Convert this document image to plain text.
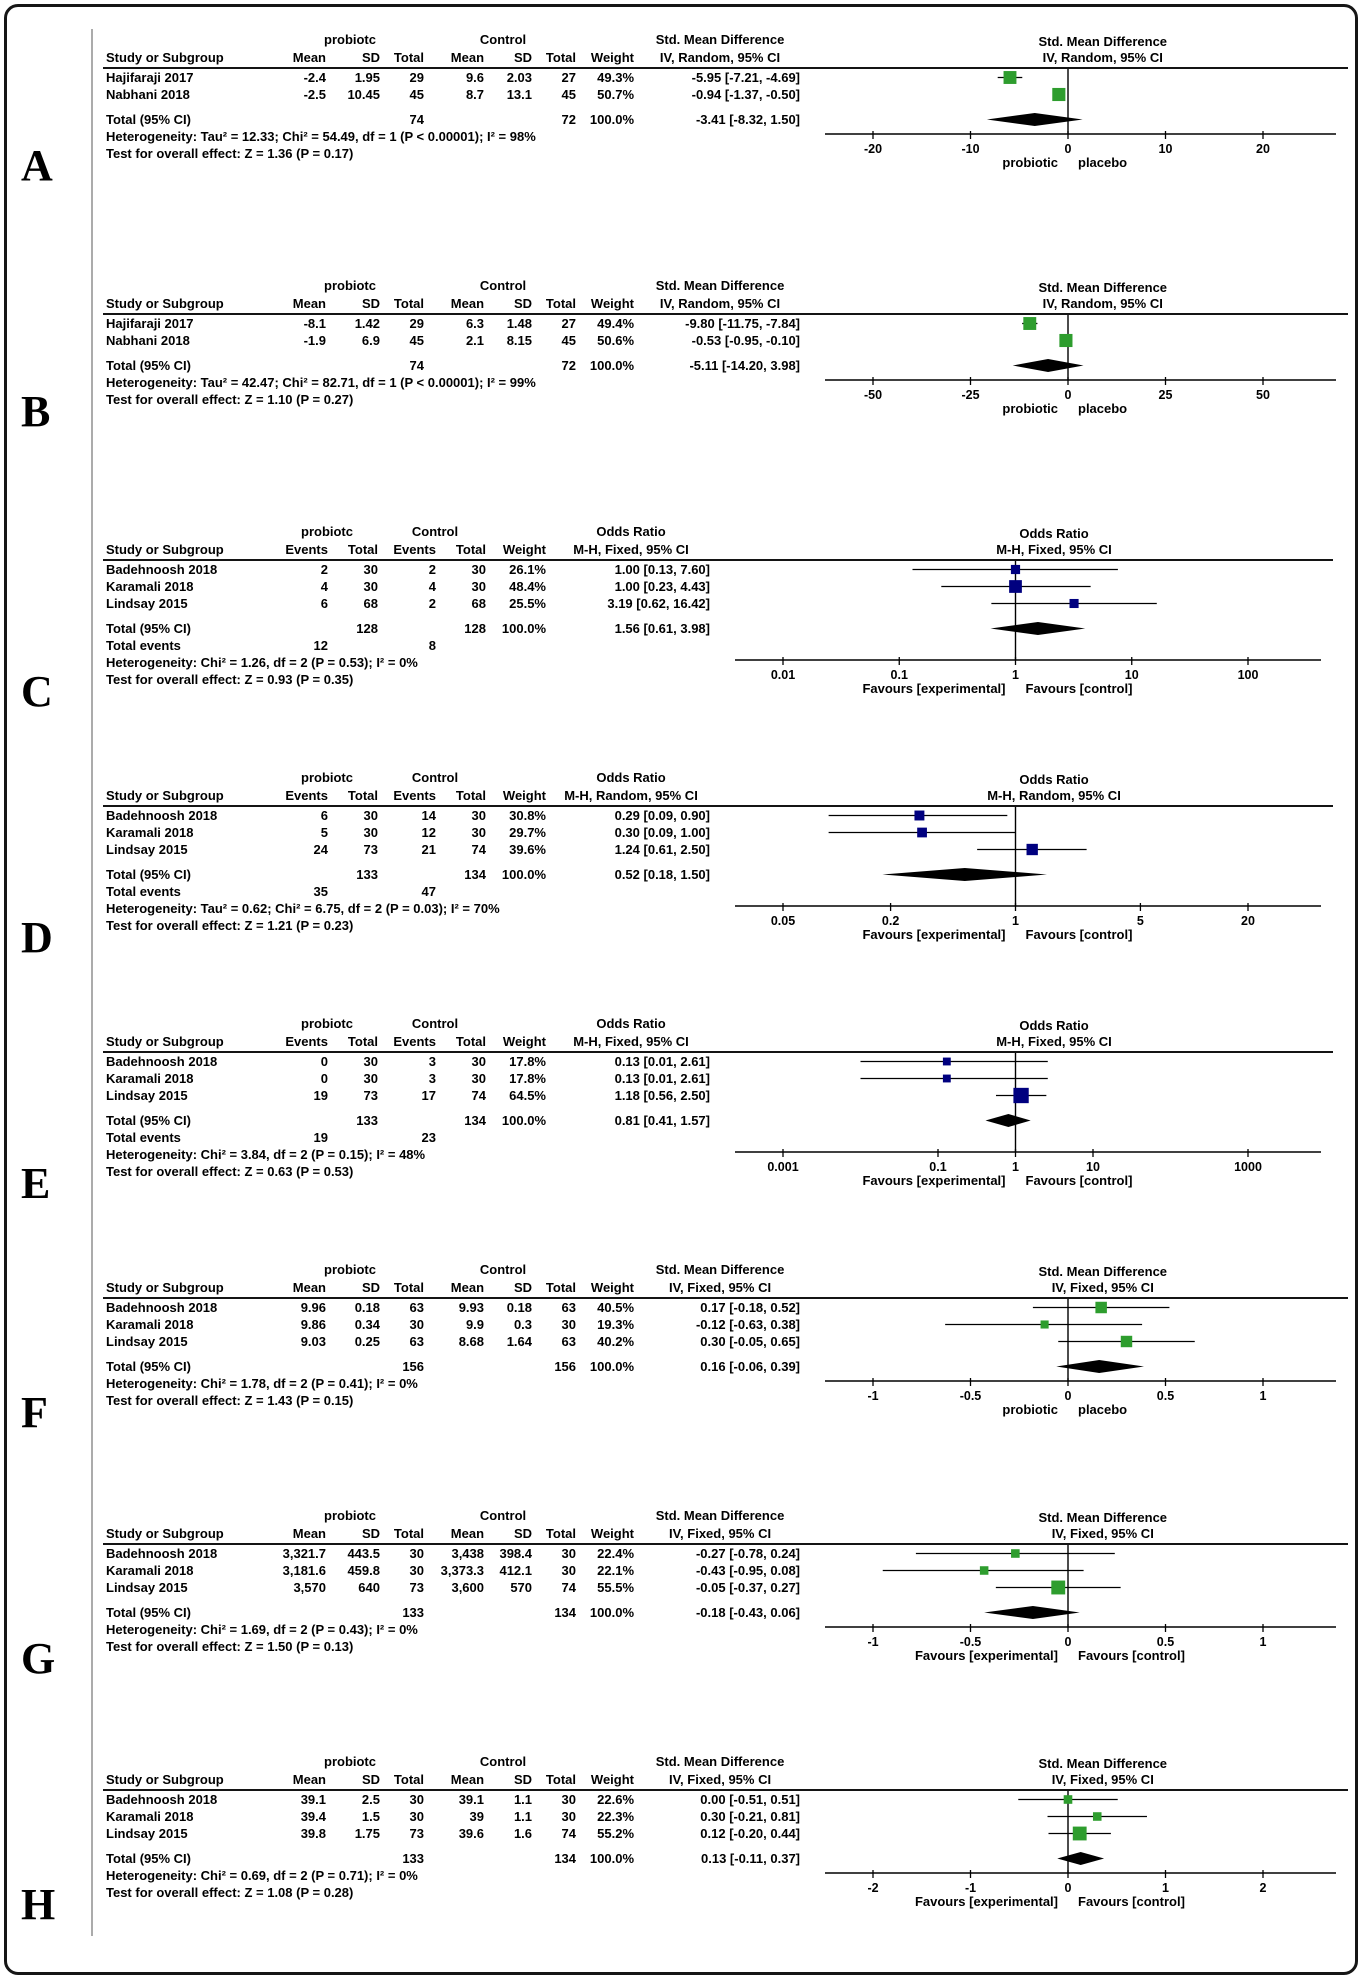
A
	probiotc			Control				Std. Mean Difference
Study or Subgroup	Mean	SD	Total	Mean	SD	Total	Weight	IV, Random, 95% CI
Hajifaraji 2017	-2.4	1.95	29	9.6	2.03	27	49.3%	-5.95 [-7.21, -4.69]
Nabhani 2018	-2.5	10.45	45	8.7	13.1	45	50.7%	-0.94 [-1.37, -0.50]

Total (95% CI)			74			72	100.0%	-3.41 [-8.32, 1.50]
Heterogeneity: Tau² = 12.33; Chi² = 54.49, df = 1 (P < 0.00001); I² = 98%								
Test for overall effect: Z = 1.36 (P = 0.17)								
Std. Mean Difference
IV, Random, 95% CI
-20	-10	0	10	20
probiotic placebo
B
	probiotc			Control				Std. Mean Difference
Study or Subgroup	Mean	SD	Total	Mean	SD	Total	Weight	IV, Random, 95% CI
Hajifaraji 2017	-8.1	1.42	29	6.3	1.48	27	49.4%	-9.80 [-11.75, -7.84]
Nabhani 2018	-1.9	6.9	45	2.1	8.15	45	50.6%	-0.53 [-0.95, -0.10]

Total (95% CI)			74			72	100.0%	-5.11 [-14.20, 3.98]
Heterogeneity: Tau² = 42.47; Chi² = 82.71, df = 1 (P < 0.00001); I² = 99%								
Test for overall effect: Z = 1.10 (P = 0.27)								
Std. Mean Difference
IV, Random, 95% CI
-50	-25	0	25	50
probiotic placebo
C
	probiotc		Control			Odds Ratio
Study or Subgroup	Events	Total	Events	Total	Weight	M-H, Fixed, 95% CI
Badehnoosh 2018	2	30	2	30	26.1%	1.00 [0.13, 7.60]
Karamali 2018	4	30	4	30	48.4%	1.00 [0.23, 4.43]
Lindsay 2015	6	68	2	68	25.5%	3.19 [0.62, 16.42]

Total (95% CI)		128		128	100.0%	1.56 [0.61, 3.98]
Total events	12		8			
Heterogeneity: Chi² = 1.26, df = 2 (P = 0.53); I² = 0%						
Test for overall effect: Z = 0.93 (P = 0.35)						
Odds Ratio
M-H, Fixed, 95% CI
0.01	0.1	1	10	100
Favours [experimental] Favours [control]
D
	probiotc		Control			Odds Ratio
Study or Subgroup	Events	Total	Events	Total	Weight	M-H, Random, 95% CI
Badehnoosh 2018	6	30	14	30	30.8%	0.29 [0.09, 0.90]
Karamali 2018	5	30	12	30	29.7%	0.30 [0.09, 1.00]
Lindsay 2015	24	73	21	74	39.6%	1.24 [0.61, 2.50]

Total (95% CI)		133		134	100.0%	0.52 [0.18, 1.50]
Total events	35		47			
Heterogeneity: Tau² = 0.62; Chi² = 6.75, df = 2 (P = 0.03); I² = 70%						
Test for overall effect: Z = 1.21 (P = 0.23)						
Odds Ratio
M-H, Random, 95% CI
0.05	0.2	1	5	20
Favours [experimental] Favours [control]
E
	probiotc		Control			Odds Ratio
Study or Subgroup	Events	Total	Events	Total	Weight	M-H, Fixed, 95% CI
Badehnoosh 2018	0	30	3	30	17.8%	0.13 [0.01, 2.61]
Karamali 2018	0	30	3	30	17.8%	0.13 [0.01, 2.61]
Lindsay 2015	19	73	17	74	64.5%	1.18 [0.56, 2.50]

Total (95% CI)		133		134	100.0%	0.81 [0.41, 1.57]
Total events	19		23			
Heterogeneity: Chi² = 3.84, df = 2 (P = 0.15); I² = 48%						
Test for overall effect: Z = 0.63 (P = 0.53)						
Odds Ratio
M-H, Fixed, 95% CI
0.001	0.1	1	10	1000
Favours [experimental] Favours [control]
F
	probiotc			Control				Std. Mean Difference
Study or Subgroup	Mean	SD	Total	Mean	SD	Total	Weight	IV, Fixed, 95% CI
Badehnoosh 2018	9.96	0.18	63	9.93	0.18	63	40.5%	0.17 [-0.18, 0.52]
Karamali 2018	9.86	0.34	30	9.9	0.3	30	19.3%	-0.12 [-0.63, 0.38]
Lindsay 2015	9.03	0.25	63	8.68	1.64	63	40.2%	0.30 [-0.05, 0.65]

Total (95% CI)			156			156	100.0%	0.16 [-0.06, 0.39]
Heterogeneity: Chi² = 1.78, df = 2 (P = 0.41); I² = 0%								
Test for overall effect: Z = 1.43 (P = 0.15)								
Std. Mean Difference
IV, Fixed, 95% CI
-1	-0.5	0	0.5	1
probiotic placebo
G
	probiotc			Control				Std. Mean Difference
Study or Subgroup	Mean	SD	Total	Mean	SD	Total	Weight	IV, Fixed, 95% CI
Badehnoosh 2018	3,321.7	443.5	30	3,438	398.4	30	22.4%	-0.27 [-0.78, 0.24]
Karamali 2018	3,181.6	459.8	30	3,373.3	412.1	30	22.1%	-0.43 [-0.95, 0.08]
Lindsay 2015	3,570	640	73	3,600	570	74	55.5%	-0.05 [-0.37, 0.27]

Total (95% CI)			133			134	100.0%	-0.18 [-0.43, 0.06]
Heterogeneity: Chi² = 1.69, df = 2 (P = 0.43); I² = 0%								
Test for overall effect: Z = 1.50 (P = 0.13)								
Std. Mean Difference
IV, Fixed, 95% CI
-1	-0.5	0	0.5	1
Favours [experimental] Favours [control]
H
	probiotc			Control				Std. Mean Difference
Study or Subgroup	Mean	SD	Total	Mean	SD	Total	Weight	IV, Fixed, 95% CI
Badehnoosh 2018	39.1	2.5	30	39.1	1.1	30	22.6%	0.00 [-0.51, 0.51]
Karamali 2018	39.4	1.5	30	39	1.1	30	22.3%	0.30 [-0.21, 0.81]
Lindsay 2015	39.8	1.75	73	39.6	1.6	74	55.2%	0.12 [-0.20, 0.44]

Total (95% CI)			133			134	100.0%	0.13 [-0.11, 0.37]
Heterogeneity: Chi² = 0.69, df = 2 (P = 0.71); I² = 0%								
Test for overall effect: Z = 1.08 (P = 0.28)								
Std. Mean Difference
IV, Fixed, 95% CI
-2	-1	0	1	2
Favours [experimental] Favours [control]
